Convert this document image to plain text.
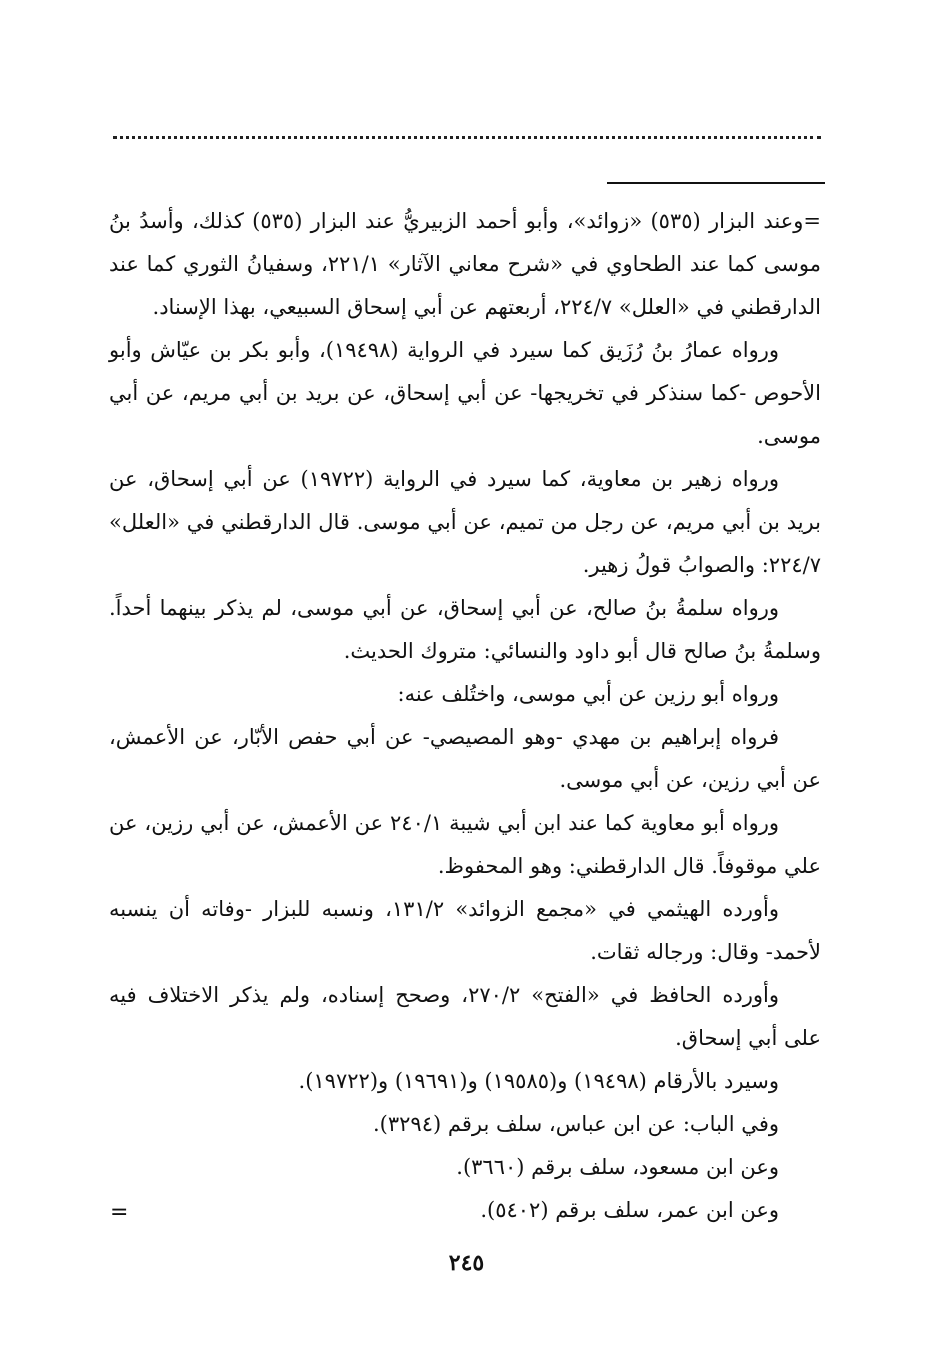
=وعند البزار (٥٣٥) «زوائد»، وأبو أحمد الزبيريُّ عند البزار (٥٣٥) كذلك، وأسدُ بنُ موسى كما عند الطحاوي في «شرح معاني الآثار» ٢٢١/١، وسفيانُ الثوري كما عند الدارقطني في «العلل» ٢٢٤/٧، أربعتهم عن أبي إسحاق السبيعي، بهذا الإسناد.

ورواه عمارُ بنُ رُزَيق كما سيرد في الرواية (١٩٤٩٨)، وأبو بكر بن عيّاش وأبو الأحوص -كما سنذكر في تخريجها- عن أبي إسحاق، عن بريد بن أبي مريم، عن أبي موسى.

ورواه زهير بن معاوية، كما سيرد في الرواية (١٩٧٢٢) عن أبي إسحاق، عن بريد بن أبي مريم، عن رجل من تميم، عن أبي موسى. قال الدارقطني في «العلل» ٢٢٤/٧: والصوابُ قولُ زهير.

ورواه سلمةُ بنُ صالح، عن أبي إسحاق، عن أبي موسى، لم يذكر بينهما أحداً. وسلمةُ بنُ صالح قال أبو داود والنسائي: متروك الحديث.

ورواه أبو رزين عن أبي موسى، واختُلف عنه:

فرواه إبراهيم بن مهدي -وهو المصيصي- عن أبي حفص الأبّار، عن الأعمش، عن أبي رزين، عن أبي موسى.

ورواه أبو معاوية كما عند ابن أبي شيبة ٢٤٠/١ عن الأعمش، عن أبي رزين، عن علي موقوفاً. قال الدارقطني: وهو المحفوظ.

وأورده الهيثمي في «مجمع الزوائد» ١٣١/٢، ونسبه للبزار -وفاته أن ينسبه لأحمد- وقال: ورجاله ثقات.

وأورده الحافظ في «الفتح» ٢٧٠/٢، وصحح إسناده، ولم يذكر الاختلاف فيه على أبي إسحاق.

وسيرد بالأرقام (١٩٤٩٨) و(١٩٥٨٥) و(١٩٦٩١) و(١٩٧٢٢).

وفي الباب: عن ابن عباس، سلف برقم (٣٢٩٤).

وعن ابن مسعود، سلف برقم (٣٦٦٠).

وعن ابن عمر، سلف برقم (٥٤٠٢).

=
٢٤٥
